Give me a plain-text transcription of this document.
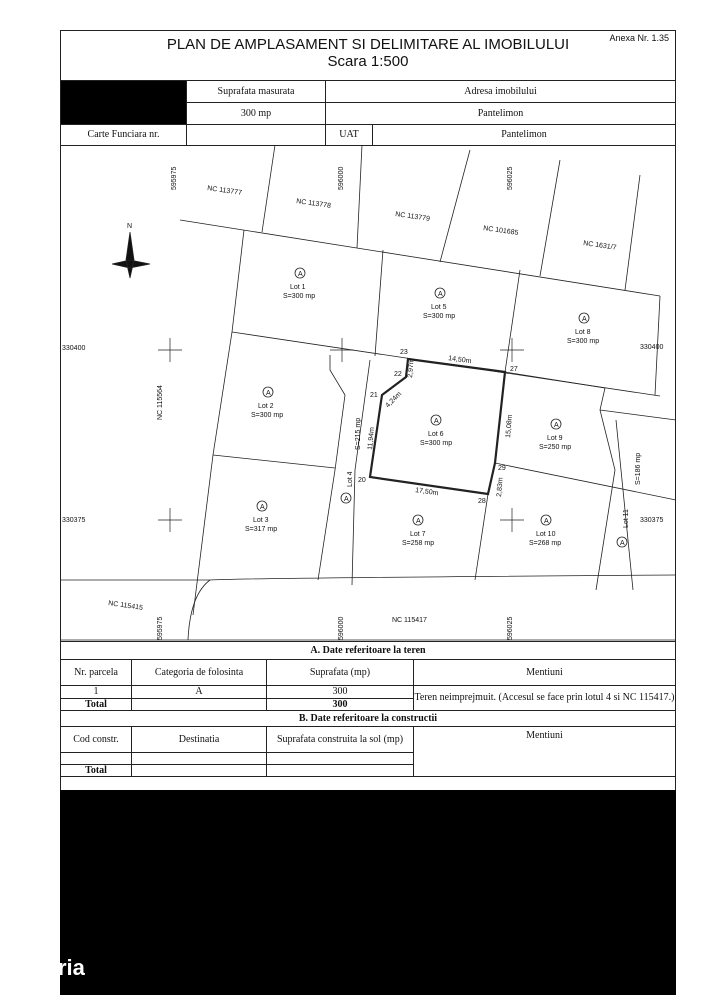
PLAN DE AMPLASAMENT SI DELIMITARE AL IMOBILULUI
Scara 1:500
Anexa Nr. 1.35
	Suprafata masurata	Adresa imobilului	
	300 mp	Pantelimon	
Carte Funciara nr.		UAT	Pantelimon
N
595975	596000	596025
595975	596000	596025
330400	330400
330375	330375
NC 113777
NC 113778
NC 113779
NC 101685
NC 1631/7
NC 115564
NC 115415
NC 115417
A
Lot 1
S=300 mp
A
Lot 2
S=300 mp
A
Lot 3
S=317 mp
Lot 4
S=215 mp
A
A
Lot 5
S=300 mp
A
Lot 6
S=300 mp
A
Lot 7
S=258 mp
A
Lot 8
S=300 mp
A
Lot 9
S=250 mp
A
Lot 10
S=268 mp
Lot 11
S=186 mp
A
20
21
22
23
27
28
29
14,50m
2,97m
4,24m
11,94m
15,08m
17,50m	2,83m
A. Date referitoare la teren			
Nr. parcela	Categoria de folosinta	Suprafata (mp)	Mentiuni
1	A	300	Teren neimprejmuit. (Accesul se face prin lotul 4 si NC 115417.)
Total		300	
B. Date referitoare la constructii			
Cod constr.	Destinatia	Suprafata construita la sol (mp)	Mentiuni

Total			
ria
